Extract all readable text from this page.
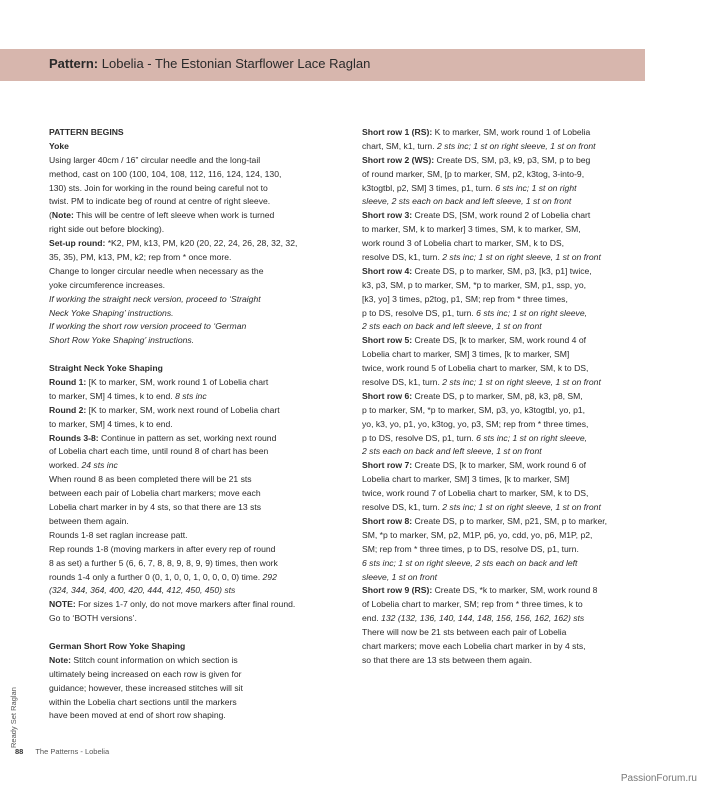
Pattern: Lobelia - The Estonian Starflower Lace Raglan
PATTERN BEGINS
Yoke
Using larger 40cm / 16” circular needle and the long-tail
method, cast on 100 (100, 104, 108, 112, 116, 124, 124, 130,
130) sts. Join for working in the round being careful not to
twist. PM to indicate beg of round at centre of right sleeve.
(Note: This will be centre of left sleeve when work is turned
right side out before blocking).
Set-up round: *K2, PM, k13, PM, k20 (20, 22, 24, 26, 28, 32, 32,
35, 35), PM, k13, PM, k2; rep from * once more.
Change to longer circular needle when necessary as the
yoke circumference increases.
If working the straight neck version, proceed to ‘Straight
Neck Yoke Shaping’ instructions.
If working the short row version proceed to ‘German
Short Row Yoke Shaping’ instructions.
Straight Neck Yoke Shaping
Round 1: [K to marker, SM, work round 1 of Lobelia chart
to marker, SM] 4 times, k to end. 8 sts inc
Round 2: [K to marker, SM, work next round of Lobelia chart
to marker, SM] 4 times, k to end.
Rounds 3-8: Continue in pattern as set, working next round
of Lobelia chart each time, until round 8 of chart has been
worked. 24 sts inc
When round 8 as been completed there will be 21 sts
between each pair of Lobelia chart markers; move each
Lobelia chart marker in by 4 sts, so that there are 13 sts
between them again.
Rounds 1-8 set raglan increase patt.
Rep rounds 1-8 (moving markers in after every rep of round
8 as set) a further 5 (6, 6, 7, 8, 8, 9, 8, 9, 9) times, then work
rounds 1-4 only a further 0 (0, 1, 0, 0, 1, 0, 0, 0, 0) time. 292
(324, 344, 364, 400, 420, 444, 412, 450, 450) sts
NOTE: For sizes 1-7 only, do not move markers after final round.
Go to ‘BOTH versions’.
German Short Row Yoke Shaping
Note: Stitch count information on which section is
ultimately being increased on each row is given for
guidance; however, these increased stitches will sit
within the Lobelia chart sections until the markers
have been moved at end of short row shaping.
Short row 1 (RS): K to marker, SM, work round 1 of Lobelia
chart, SM, k1, turn. 2 sts inc; 1 st on right sleeve, 1 st on front
Short row 2 (WS): Create DS, SM, p3, k9, p3, SM, p to beg
of round marker, SM, [p to marker, SM, p2, k3tog, 3-into-9,
k3togtbl, p2, SM] 3 times, p1, turn. 6 sts inc; 1 st on right
sleeve, 2 sts each on back and left sleeve, 1 st on front
Short row 3: Create DS, [SM, work round 2 of Lobelia chart
to marker, SM, k to marker] 3 times, SM, k to marker, SM,
work round 3 of Lobelia chart to marker, SM, k to DS,
resolve DS, k1, turn. 2 sts inc; 1 st on right sleeve, 1 st on front
Short row 4: Create DS, p to marker, SM, p3, [k3, p1] twice,
k3, p3, SM, p to marker, SM, *p to marker, SM, p1, ssp, yo,
[k3, yo] 3 times, p2tog, p1, SM; rep from * three times,
p to DS, resolve DS, p1, turn. 6 sts inc; 1 st on right sleeve,
2 sts each on back and left sleeve, 1 st on front
Short row 5: Create DS, [k to marker, SM, work round 4 of
Lobelia chart to marker, SM] 3 times, [k to marker, SM]
twice, work round 5 of Lobelia chart to marker, SM, k to DS,
resolve DS, k1, turn. 2 sts inc; 1 st on right sleeve, 1 st on front
Short row 6: Create DS, p to marker, SM, p8, k3, p8, SM,
p to marker, SM, *p to marker, SM, p3, yo, k3togtbl, yo, p1,
yo, k3, yo, p1, yo, k3tog, yo, p3, SM; rep from * three times,
p to DS, resolve DS, p1, turn. 6 sts inc; 1 st on right sleeve,
2 sts each on back and left sleeve, 1 st on front
Short row 7: Create DS, [k to marker, SM, work round 6 of
Lobelia chart to marker, SM] 3 times, [k to marker, SM]
twice, work round 7 of Lobelia chart to marker, SM, k to DS,
resolve DS, k1, turn. 2 sts inc; 1 st on right sleeve, 1 st on front
Short row 8: Create DS, p to marker, SM, p21, SM, p to marker,
SM, *p to marker, SM, p2, M1P, p6, yo, cdd, yo, p6, M1P, p2,
SM; rep from * three times, p to DS, resolve DS, p1, turn.
6 sts inc; 1 st on right sleeve, 2 sts each on back and left
sleeve, 1 st on front
Short row 9 (RS): Create DS, *k to marker, SM, work round 8
of Lobelia chart to marker, SM; rep from * three times, k to
end. 132 (132, 136, 140, 144, 148, 156, 156, 162, 162) sts
There will now be 21 sts between each pair of Lobelia
chart markers; move each Lobelia chart marker in by 4 sts,
so that there are 13 sts between them again.
Ready Set Raglan
88 The Patterns - Lobelia
PassionForum.ru
